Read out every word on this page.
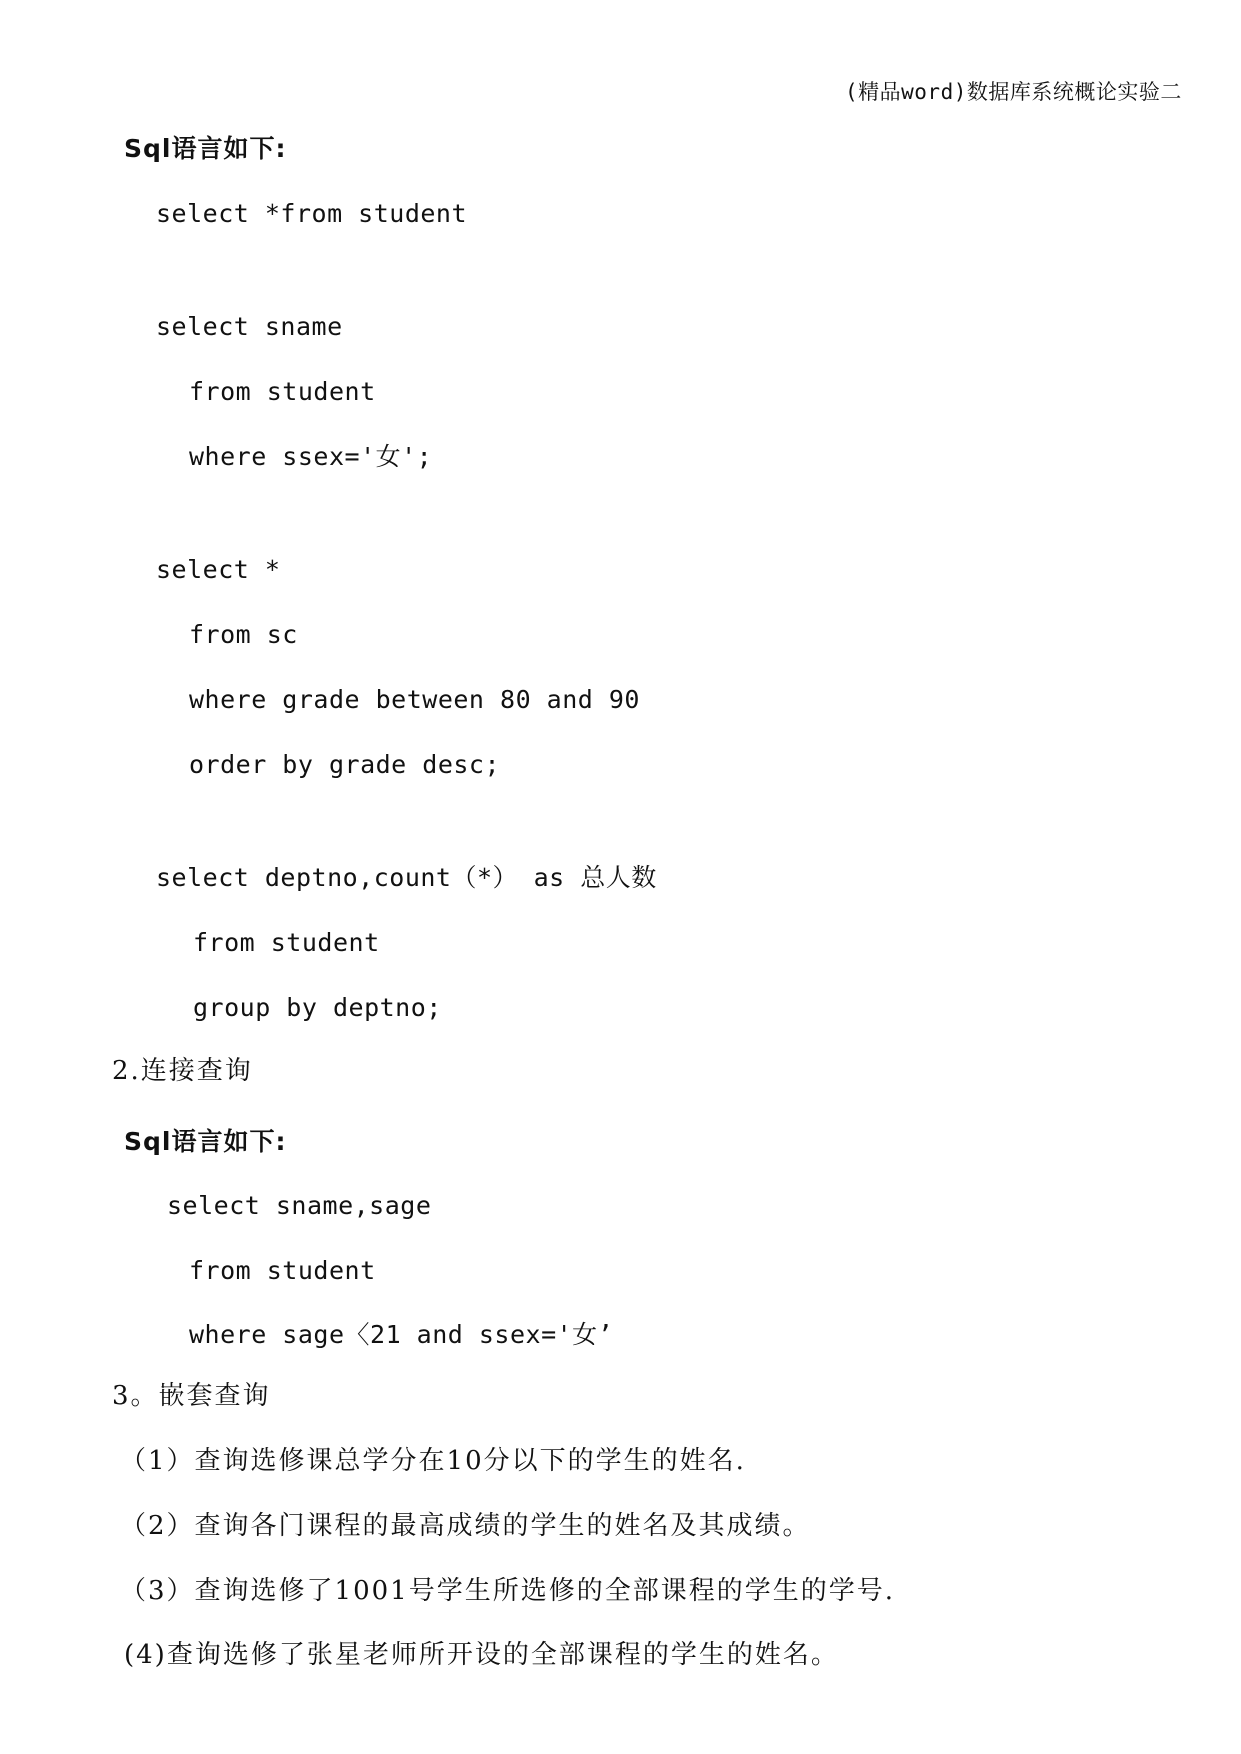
(精品word)数据库系统概论实验二
Sql语言如下:
select *from student
select sname
from student
where ssex='女';
select *
from sc
where grade between 80 and 90
order by grade desc;
select deptno,count（*） as 总人数
from student
group by deptno;
2.连接查询
Sql语言如下:
select sname,sage
from student
where sage〈21 and ssex='女’
3。嵌套查询
（1）查询选修课总学分在10分以下的学生的姓名.
（2）查询各门课程的最高成绩的学生的姓名及其成绩。
（3）查询选修了1001号学生所选修的全部课程的学生的学号.
(4)查询选修了张星老师所开设的全部课程的学生的姓名。
